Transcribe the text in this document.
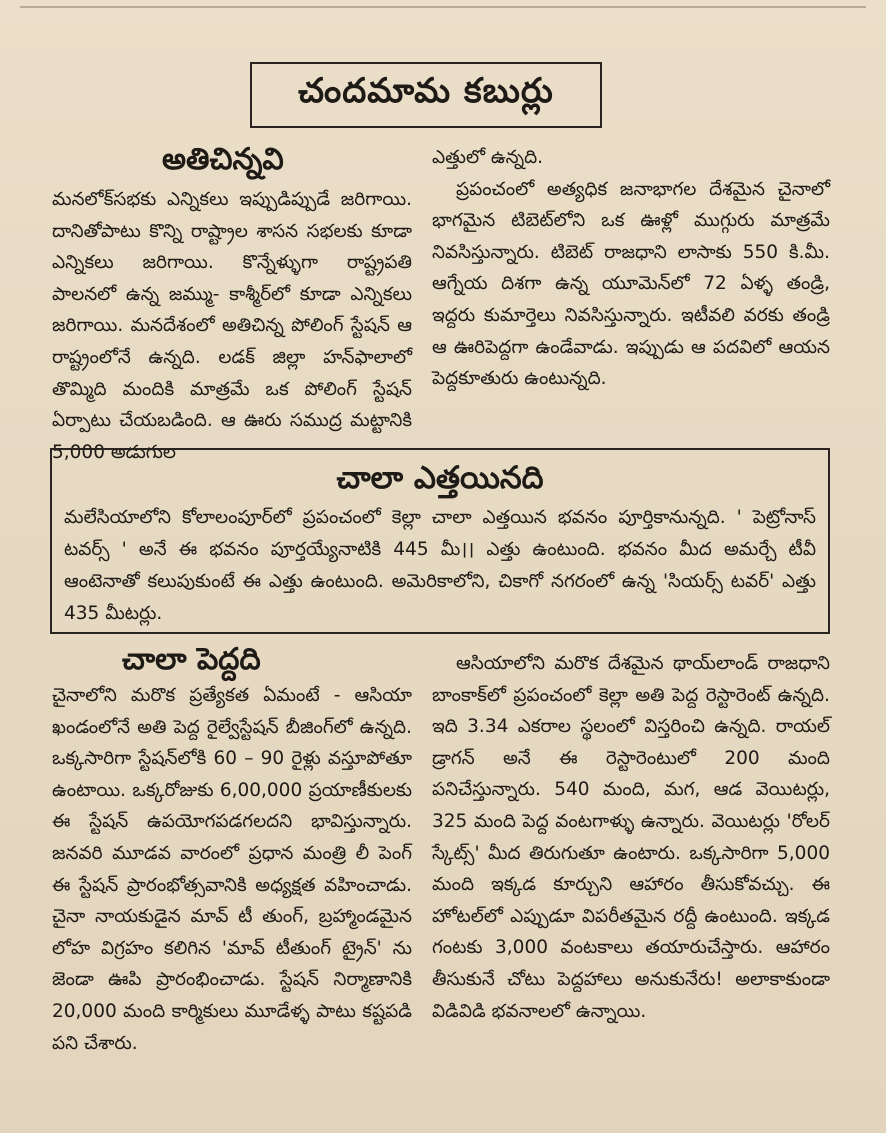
చందమామ కబుర్లు
అతిచిన్నవి
మనలోక్‌సభకు ఎన్నికలు ఇప్పుడిప్పుడే జరిగాయి. దానితోపాటు కొన్ని రాష్ట్రాల శాసన సభలకు కూడా ఎన్నికలు జరిగాయి. కొన్నేళ్ళుగా రాష్ట్రపతి పాలనలో ఉన్న జమ్ము- కాశ్మీర్‌లో కూడా ఎన్నికలు జరిగాయి. మనదేశంలో అతిచిన్న పోలింగ్ స్టేషన్ ఆ రాష్ట్రంలోనే ఉన్నది. లడక్ జిల్లా హన్‌ఫాలాలో తొమ్మిది మందికి మాత్రమే ఒక పోలింగ్ స్టేషన్ ఏర్పాటు చేయబడింది. ఆ ఊరు సముద్ర మట్టానికి 5,000 అడుగుల
ఎత్తులో ఉన్నది.
ప్రపంచంలో అత్యధిక జనాభాగల దేశమైన చైనాలో భాగమైన టిబెట్‌లోని ఒక ఊళ్లో ముగ్గురు మాత్రమే నివసిస్తున్నారు. టిబెట్ రాజధాని లాసాకు 550 కి.మీ. ఆగ్నేయ దిశగా ఉన్న యూమెన్‌లో 72 ఏళ్ళ తండ్రి, ఇద్దరు కుమార్తెలు నివసిస్తున్నారు. ఇటీవలి వరకు తండ్రి ఆ ఊరిపెద్దగా ఉండేవాడు. ఇప్పుడు ఆ పదవిలో ఆయన పెద్దకూతురు ఉంటున్నది.
చాలా ఎత్తయినది
మలేసియాలోని కోలాలంపూర్‌లో ప్రపంచంలో కెల్లా చాలా ఎత్తయిన భవనం పూర్తికానున్నది. ' పెట్రోనాస్ టవర్స్ ' అనే ఈ భవనం పూర్తయ్యేనాటికి 445 మీ।। ఎత్తు ఉంటుంది. భవనం మీద అమర్చే టీవీ ఆంటెనాతో కలుపుకుంటే ఈ ఎత్తు ఉంటుంది. అమెరికాలోని, చికాగో నగరంలో ఉన్న 'సియర్స్ టవర్' ఎత్తు 435 మీటర్లు.
చాలా పెద్దది
చైనాలోని మరొక ప్రత్యేకత ఏమంటే - ఆసియా ఖండంలోనే అతి పెద్ద రైల్వేస్టేషన్ బీజింగ్‌లో ఉన్నది. ఒక్కసారిగా స్టేషన్‌లోకి 60 – 90 రైళ్లు వస్తూపోతూ ఉంటాయి. ఒక్కరోజుకు 6,00,000 ప్రయాణీకులకు ఈ స్టేషన్ ఉపయోగపడగలదని భావిస్తున్నారు. జనవరి మూడవ వారంలో ప్రధాన మంత్రి లీ పెంగ్ ఈ స్టేషన్ ప్రారంభోత్సవానికి అధ్యక్షత వహించాడు. చైనా నాయకుడైన మావ్ టీ తుంగ్, బ్రహ్మాండమైన లోహ విగ్రహం కలిగిన 'మావ్ టీతుంగ్ ట్రైన్' ను జెండా ఊపి ప్రారంభించాడు. స్టేషన్ నిర్మాణానికి 20,000 మంది కార్మికులు మూడేళ్ళ పాటు కష్టపడి పని చేశారు.
ఆసియాలోని మరొక దేశమైన థాయ్‌లాండ్ రాజధాని బాంకాక్‌లో ప్రపంచంలో కెల్లా అతి పెద్ద రెస్టారెంట్ ఉన్నది. ఇది 3.34 ఎకరాల స్థలంలో విస్తరించి ఉన్నది. రాయల్ డ్రాగన్ అనే ఈ రెస్టారెంటులో 200 మంది పనిచేస్తున్నారు. 540 మంది, మగ, ఆడ వెయిటర్లు, 325 మంది పెద్ద వంటగాళ్ళు ఉన్నారు. వెయిటర్లు 'రోలర్ స్కేట్స్' మీద తిరుగుతూ ఉంటారు. ఒక్కసారిగా 5,000 మంది ఇక్కడ కూర్చుని ఆహారం తీసుకోవచ్చు. ఈ హోటల్‌లో ఎప్పుడూ విపరీతమైన రద్దీ ఉంటుంది. ఇక్కడ గంటకు 3,000 వంటకాలు తయారుచేస్తారు. ఆహారం తీసుకునే చోటు పెద్దహాలు అనుకునేరు! అలాకాకుండా విడివిడి భవనాలలో ఉన్నాయి.
